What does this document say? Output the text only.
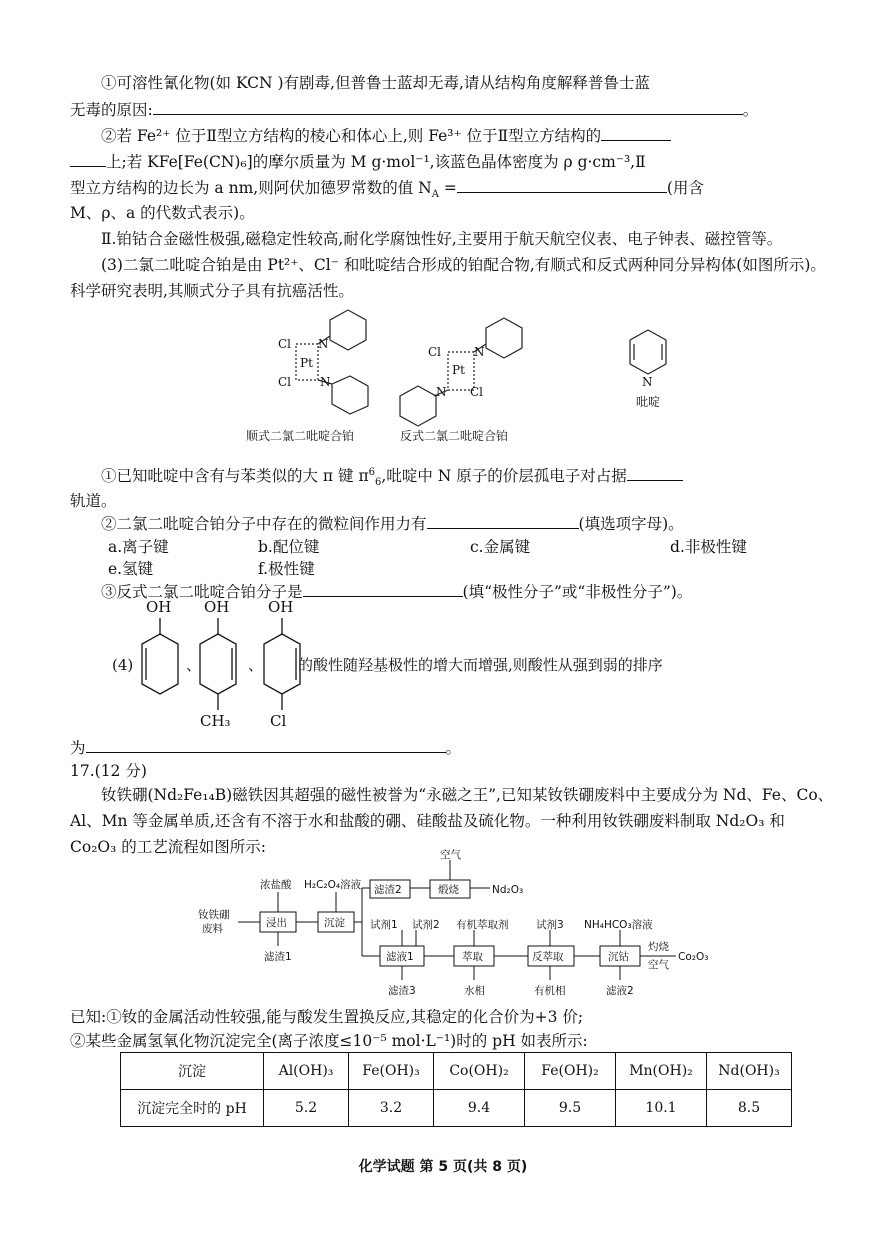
①可溶性氰化物(如 KCN )有剧毒,但普鲁士蓝却无毒,请从结构角度解释普鲁士蓝
无毒的原因:	。
②若 Fe²⁺ 位于Ⅱ型立方结构的棱心和体心上,则 Fe³⁺ 位于Ⅱ型立方结构的
上;若 KFe[Fe(CN)₆]的摩尔质量为 M g·mol⁻¹,该蓝色晶体密度为 ρ g·cm⁻³,Ⅱ
型立方结构的边长为 a nm,则阿伏加德罗常数的值 $N_A$ =	(用含
M、ρ、a 的代数式表示)。
Ⅱ.铂钴合金磁性极强,磁稳定性较高,耐化学腐蚀性好,主要用于航天航空仪表、电子钟表、磁控管等。
(3)二氯二吡啶合铂是由 Pt²⁺、Cl⁻ 和吡啶结合形成的铂配合物,有顺式和反式两种同分异构体(如图所示)。科学研究表明,其顺式分子具有抗癌活性。
Cl
Cl
Pt
N
N
Cl
Cl
Pt
N
N
N
吡啶
顺式二氯二吡啶合铂	反式二氯二吡啶合铂
①已知吡啶中含有与苯类似的大 π 键 $\pi^6_6$,吡啶中 N 原子的价层孤电子对占据
轨道。
②二氯二吡啶合铂分子中存在的微粒间作用力有	(填选项字母)。
a.离子键	b.配位键	c.金属键	d.非极性键
e.氢键	f.极性键
③反式二氯二吡啶合铂分子是	(填“极性分子”或“非极性分子”)。
(4)
OH OH	OH
CH₃	Cl
的酸性随羟基极性的增大而增强,则酸性从强到弱的排序
、	、
为	。
17.(12 分)
钕铁硼(Nd₂Fe₁₄B)磁铁因其超强的磁性被誉为“永磁之王”,已知某钕铁硼废料中主要成分为 Nd、Fe、Co、Al、Mn 等金属单质,还含有不溶于水和盐酸的硼、硅酸盐及硫化物。一种利用钕铁硼废料制取 Nd₂O₃ 和 Co₂O₃ 的工艺流程如图所示:	空气
浓盐酸 H₂C₂O₄溶液 滤渣2	煅烧	Nd₂O₃
钕铁硼
废料	浸出	沉淀 试剂1 试剂2 有机萃取剂	试剂3 NH₄HCO₃溶液
滤液1	萃取	反萃取	沉钴
灼烧
空气
Co₂O₃
滤渣1
滤渣3	水相	有机相	滤液2
已知:①钕的金属活动性较强,能与酸发生置换反应,其稳定的化合价为+3 价;
②某些金属氢氧化物沉淀完全(离子浓度≤10⁻⁵ mol·L⁻¹)时的 pH 如表所示:
沉淀	Al(OH)₃	Fe(OH)₃	Co(OH)₂	Fe(OH)₂	Mn(OH)₂	Nd(OH)₃
沉淀完全时的 pH	5.2	3.2	9.4	9.5	10.1	8.5
化学试题 第 5 页(共 8 页)
